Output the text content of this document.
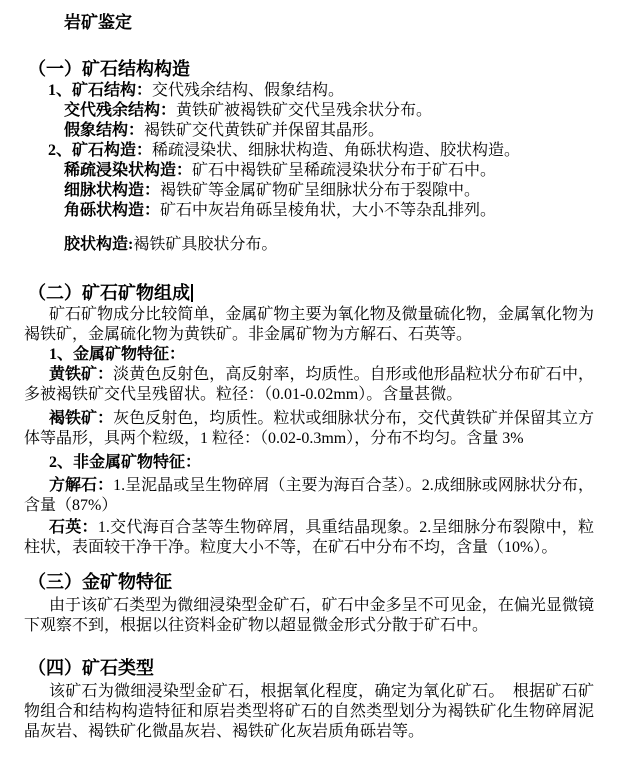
岩矿鉴定
（一）矿石结构构造
1、矿石结构：交代残余结构、假象结构。
交代残余结构：黄铁矿被褐铁矿交代呈残余状分布。
假象结构：褐铁矿交代黄铁矿并保留其晶形。
2、矿石构造：稀疏浸染状、细脉状构造、角砾状构造、胶状构造。
稀疏浸染状构造：矿石中褐铁矿呈稀疏浸染状分布于矿石中。
细脉状构造：褐铁矿等金属矿物矿呈细脉状分布于裂隙中。
角砾状构造：矿石中灰岩角砾呈棱角状，大小不等杂乱排列。
胶状构造:褐铁矿具胶状分布。
（二）矿石矿物组成

矿石矿物成分比较简单，金属矿物主要为氧化物及微量硫化物，金属氧化物为褐铁矿，金属硫化物为黄铁矿。非金属矿物为方解石、石英等。

1、金属矿物特征：

黄铁矿：淡黄色反射色，高反射率，均质性。自形或他形晶粒状分布矿石中，多被褐铁矿交代呈残留状。粒径：（0.01-0.02mm）。含量甚微。

褐铁矿：灰色反射色，均质性。粒状或细脉状分布，交代黄铁矿并保留其立方体等晶形，具两个粒级，1 粒径：（0.02-0.3mm），分布不均匀。含量 3%

2、非金属矿物特征：

方解石：1.呈泥晶或呈生物碎屑（主要为海百合茎）。2.成细脉或网脉状分布，含量（87%）

石英：1.交代海百合茎等生物碎屑，具重结晶现象。2.呈细脉分布裂隙中，粒柱状，表面较干净干净。粒度大小不等，在矿石中分布不均，含量（10%）。

（三）金矿物特征

由于该矿石类型为微细浸染型金矿石，矿石中金多呈不可见金，在偏光显微镜下观察不到，根据以往资料金矿物以超显微金形式分散于矿石中。

（四）矿石类型

该矿石为微细浸染型金矿石，根据氧化程度，确定为氧化矿石。　根据矿石矿物组合和结构构造特征和原岩类型将矿石的自然类型划分为褐铁矿化生物碎屑泥晶灰岩、褐铁矿化微晶灰岩、褐铁矿化灰岩质角砾岩等。
